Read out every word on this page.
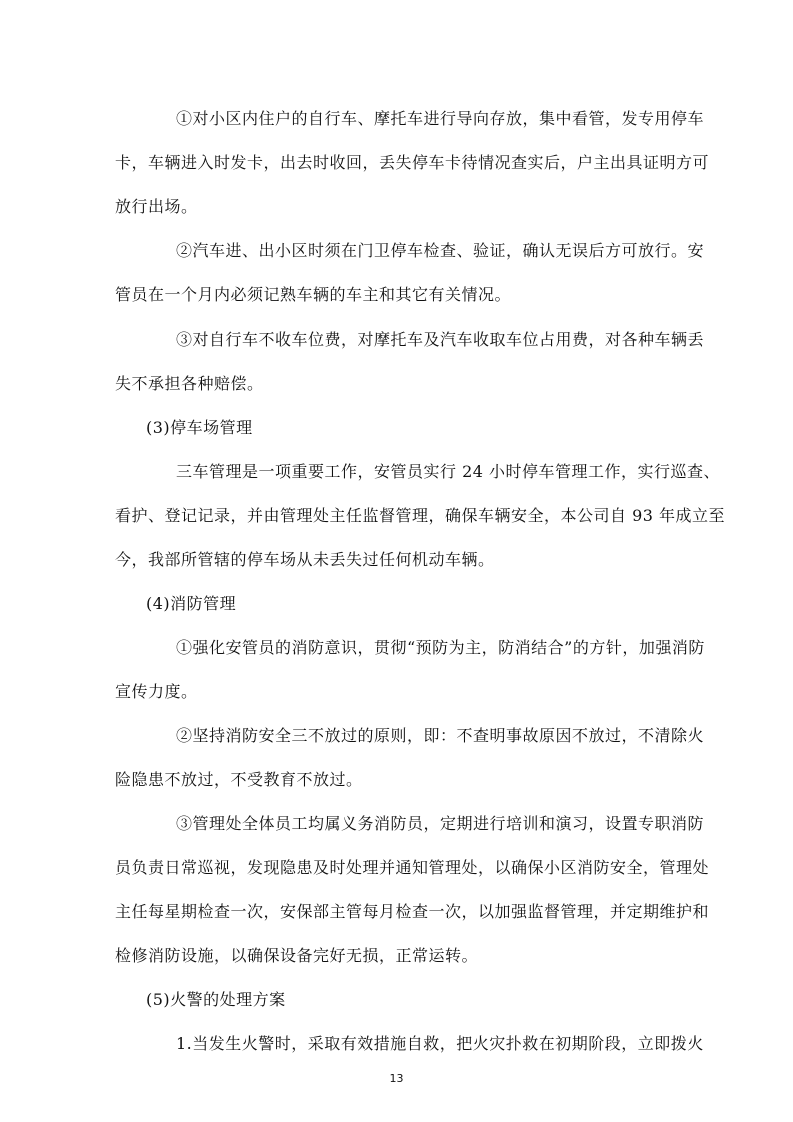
①对小区内住户的自行车、摩托车进行导向存放，集中看管，发专用停车
卡，车辆进入时发卡，出去时收回，丢失停车卡待情况查实后，户主出具证明方可
放行出场。
②汽车进、出小区时须在门卫停车检查、验证，确认无误后方可放行。安
管员在一个月内必须记熟车辆的车主和其它有关情况。
③对自行车不收车位费，对摩托车及汽车收取车位占用费，对各种车辆丢
失不承担各种赔偿。
(3)停车场管理
三车管理是一项重要工作，安管员实行 24 小时停车管理工作，实行巡查、
看护、登记记录，并由管理处主任监督管理，确保车辆安全，本公司自 93 年成立至
今，我部所管辖的停车场从未丢失过任何机动车辆。
(4)消防管理
①强化安管员的消防意识，贯彻“预防为主，防消结合”的方针，加强消防
宣传力度。
②坚持消防安全三不放过的原则，即：不查明事故原因不放过，不清除火
险隐患不放过，不受教育不放过。
③管理处全体员工均属义务消防员，定期进行培训和演习，设置专职消防
员负责日常巡视，发现隐患及时处理并通知管理处，以确保小区消防安全，管理处
主任每星期检查一次，安保部主管每月检查一次，以加强监督管理，并定期维护和
检修消防设施，以确保设备完好无损，正常运转。
(5)火警的处理方案
1.当发生火警时，采取有效措施自救，把火灾扑救在初期阶段，立即拨火
13
